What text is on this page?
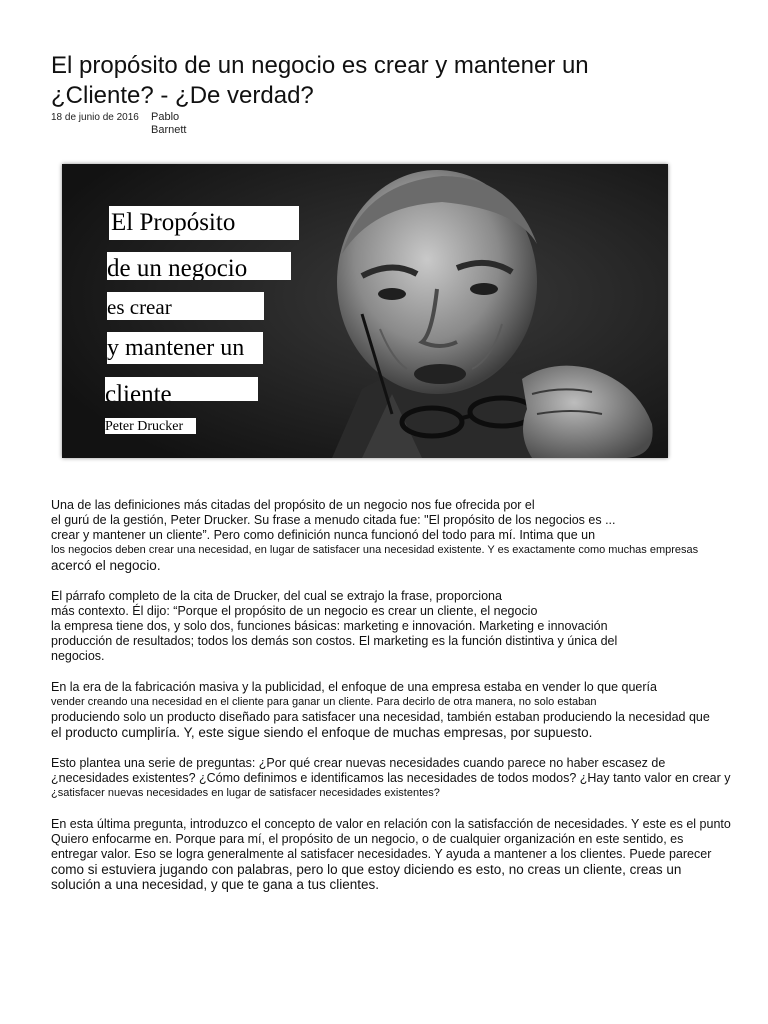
El propósito de un negocio es crear y mantener un
¿Cliente? - ¿De verdad?
18 de junio de 2016 Pablo
Barnett
El Propósito
de un negocio
es crear
y mantener un
cliente
Peter Drucker

Una de las definiciones más citadas del propósito de un negocio nos fue ofrecida por el
el gurú de la gestión, Peter Drucker. Su frase a menudo citada fue: "El propósito de los negocios es ...
crear y mantener un cliente”. Pero como definición nunca funcionó del todo para mí. Intima que un
los negocios deben crear una necesidad, en lugar de satisfacer una necesidad existente. Y es exactamente como muchas empresas
acercó el negocio.

El párrafo completo de la cita de Drucker, del cual se extrajo la frase, proporciona
más contexto. Él dijo: “Porque el propósito de un negocio es crear un cliente, el negocio
la empresa tiene dos, y solo dos, funciones básicas: marketing e innovación. Marketing e innovación
producción de resultados; todos los demás son costos. El marketing es la función distintiva y única del
negocios.

En la era de la fabricación masiva y la publicidad, el enfoque de una empresa estaba en vender lo que quería
vender creando una necesidad en el cliente para ganar un cliente. Para decirlo de otra manera, no solo estaban
produciendo solo un producto diseñado para satisfacer una necesidad, también estaban produciendo la necesidad que
el producto cumpliría. Y, este sigue siendo el enfoque de muchas empresas, por supuesto.

Esto plantea una serie de preguntas: ¿Por qué crear nuevas necesidades cuando parece no haber escasez de
¿necesidades existentes? ¿Cómo definimos e identificamos las necesidades de todos modos? ¿Hay tanto valor en crear y
¿satisfacer nuevas necesidades en lugar de satisfacer necesidades existentes?

En esta última pregunta, introduzco el concepto de valor en relación con la satisfacción de necesidades. Y este es el punto
Quiero enfocarme en. Porque para mí, el propósito de un negocio, o de cualquier organización en este sentido, es
entregar valor. Eso se logra generalmente al satisfacer necesidades. Y ayuda a mantener a los clientes. Puede parecer
como si estuviera jugando con palabras, pero lo que estoy diciendo es esto, no creas un cliente, creas un
solución a una necesidad, y que te gana a tus clientes.
